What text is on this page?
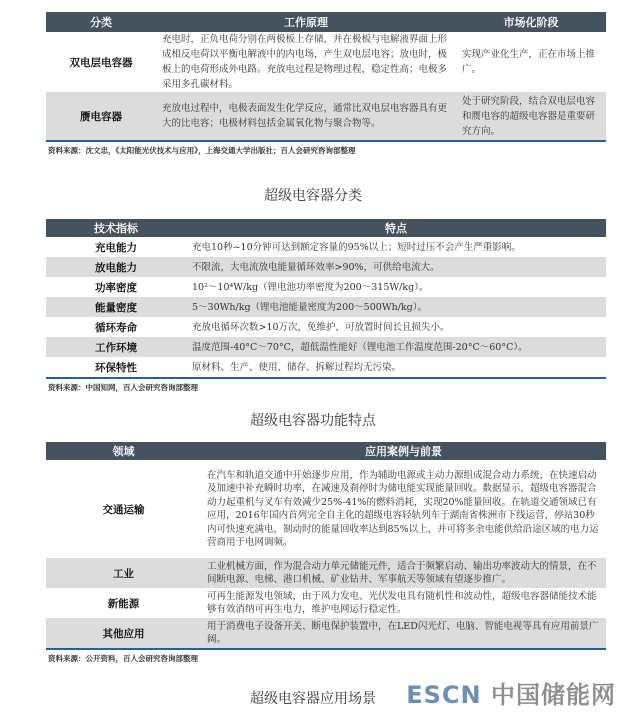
分类	工作原理	市场化阶段
双电层电容器	充电时，正负电荷分别在两极板上存储，并在极板与电解液界面上形成相反电荷以平衡电解液中的内电场，产生双电层电容；放电时，极板上的电荷形成外电路。充放电过程是物理过程，稳定性高；电极多采用多孔碳材料。	实现产业化生产，正在市场上推广。
赝电容器	充放电过程中，电极表面发生化学反应，通常比双电层电容器具有更大的比电容；电极材料包括金属氧化物与聚合物等。	处于研究阶段，结合双电层电容和赝电容的超级电容器是重要研究方向。
资料来源：沈文忠，《太阳能光伏技术与应用》，上海交通大学出版社；百人会研究咨询部整理
超级电容器分类
技术指标	特点
充电能力	充电10秒~10分钟可达到额定容量的95%以上；短时过压不会产生严重影响。
放电能力	不限流，大电流放电能量循环效率>90%，可供给电流大。
功率密度	10²～10⁴W/kg（锂电池功率密度为200～315W/kg）。
能量密度	5～30Wh/kg（锂电池能量密度为200～500Wh/kg）。
循环寿命	充放电循环次数>10万次，免维护，可放置时间长且损失小。
工作环境	温度范围-40°C～70°C，超低温性能好（锂电池工作温度范围-20°C～60°C）。
环保特性	原材料、生产、使用、储存、拆解过程均无污染。
资料来源：中国知网，百人会研究咨询部整理
超级电容器功能特点
领域	应用案例与前景
交通运输	在汽车和轨道交通中开始逐步应用，作为辅助电源或主动力源组成混合动力系统，在快速启动及加速中补充瞬时功率，在减速及刹停时为储电能实现能量回收。数据显示，超级电容器混合动力起重机与叉车有效减少25%-41%的燃料消耗，实现20%能量回收。在轨道交通领域已有应用，2016年国内首列完全自主化的超级电容轻轨列车于湖南省株洲市下线运营，停站30秒内可快速充满电，制动时的能量回收率达到85%以上，并可将多余电能供给沿途区域的电力运营商用于电网调频。
工业	工业机械方面，作为混合动力单元储能元件，适合于频繁启动、输出功率波动大的情景，在不间断电源、电梯、港口机械、矿业钻井、军事航天等领域有望逐步推广。
新能源	可再生能源发电领域，由于风力发电、光伏发电具有随机性和波动性，超级电容器储能技术能够有效消纳可再生电力，维护电网运行稳定性。
其他应用	用于消费电子设备开关、断电保护装置中，在LED闪光灯、电脑、智能电视等具有应用前景广阔。
资料来源：公开资料，百人会研究咨询部整理
超级电容器应用场景	ESCN 中国储能网
